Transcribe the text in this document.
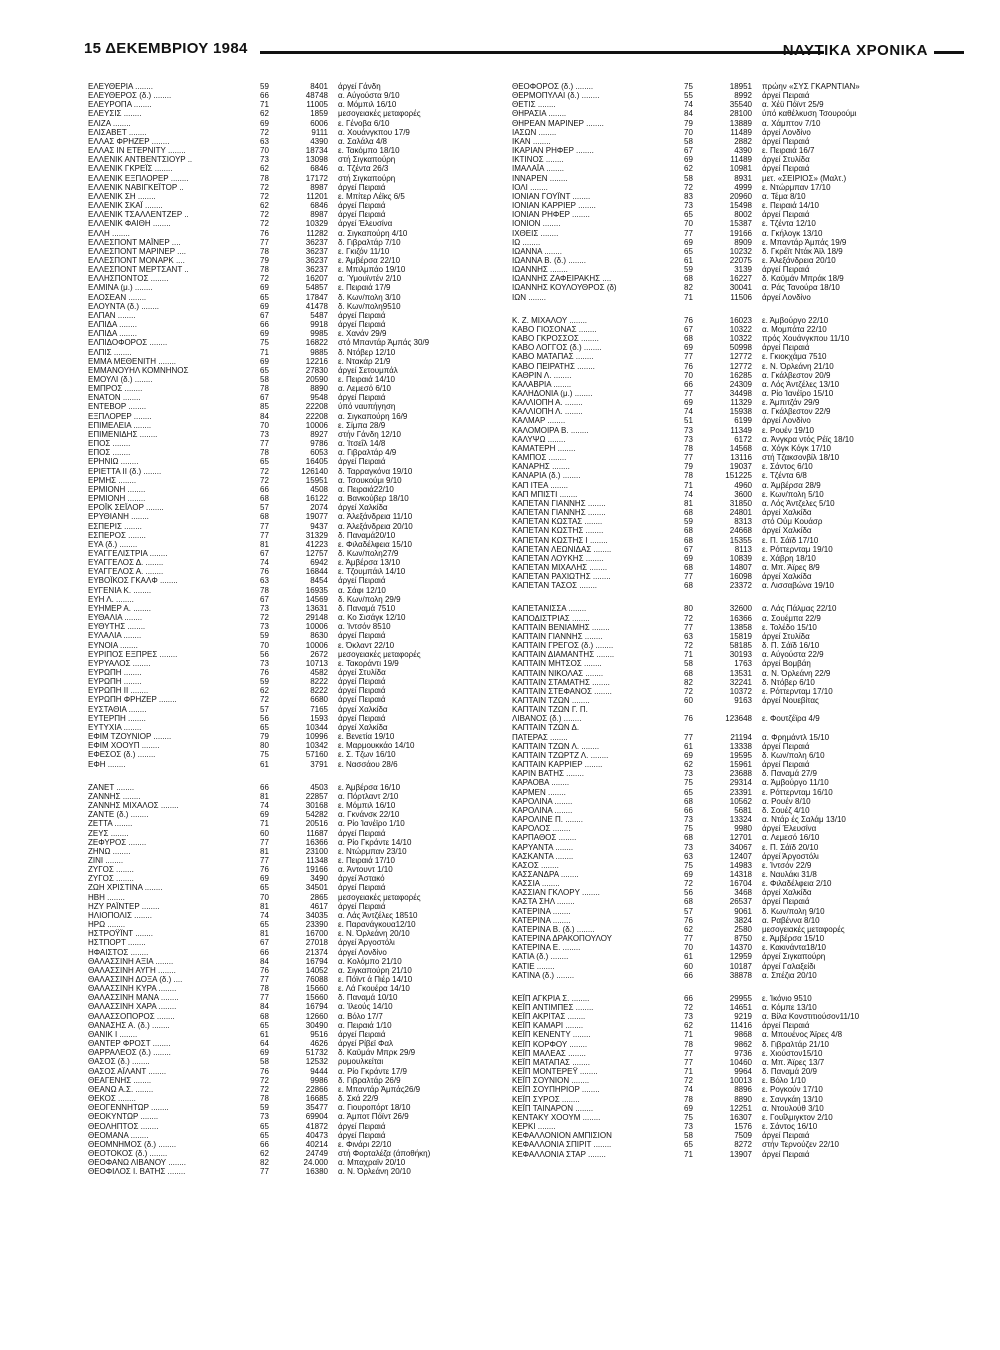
15 ΔΕΚΕΜΒΡΙΟΥ 1984	ΝΑΥΤΙΚΑ ΧΡΟΝΙΚΑ
ΕΛΕΥΘΕΡΙΑ ........	59	8401 άργεί Γάνδη
ΕΛΕΥΘΕΡΟΣ (δ.) ........	66	48748 α. Αύγούστα 9/10
ΕΛΕΥΡΟΠΑ ........	71	11005 α. Μόμπιλ 16/10
ΕΛΕΥΣΙΣ ........	62	1859 μεσογειακές μεταφορές
ΕΛΙΖΑ ........	69	6006 ε. Γένοβα 6/10
ΕΛΙΣΑΒΕΤ ........	72	9111 α. Χουάνγκπου 17/9
ΕΛΛΑΣ ΦΡΗΖΕΡ ........	63	4390 α. Σαλάλα 4/8
ΕΛΛΑΣ ΙΝ ΕΤΕΡΝΙΤΥ ........	70	18734 ε. Τακόμπο 18/10
ΕΛΛΕΝΙΚ ΑΝΤΒΕΝΤΣΙΟΥΡ ..	73	13098 στή Σιγκαπούρη
ΕΛΛΕΝΙΚ ΓΚΡΕΪΣ ........	62	6846 α. Τζέντα 26/3
ΕΛΛΕΝΙΚ ΕΞΠΛΟΡΕΡ ........	78	17172 στή Σιγκαπούρη
ΕΛΛΕΝΙΚ ΝΑΒΙΓΚΕΪΤΟΡ ..	72	8987 άργεί Πειραιά
ΕΛΛΕΝΙΚ ΣΗ ........	72	11201 ε. Μπίτερ Λέϊκς 6/5
ΕΛΛΕΝΙΚ ΣΚΑΪ ........	62	6846 άργεί Πειραιά
ΕΛΛΕΝΙΚ ΤΣΑΛΛΕΝΤΖΕΡ ..	72	8987 άργεί Πειραιά
ΕΛΛΕΝΙΚ ΦΑΙΘΗ ........	72	10329 άργεί Έλευσίνα
ΕΛΛΗ ........	76	11282 α. Σιγκαπούρη 4/10
ΕΛΛΕΣΠΟΝΤ ΜΑΪΝΕΡ ....	77	36237 δ. Γιβραλτάρ 7/10
ΕΛΛΕΣΠΟΝΤ ΜΑΡΙΝΕΡ ....	78	36237 ε. Γκιζόν 11/10
ΕΛΛΕΣΠΟΝΤ ΜΟΝΑΡΚ ....	79	36237 ε. Άμβέρσα 22/10
ΕΛΛΕΣΠΟΝΤ ΜΕΡΤΣΑΝΤ ..	78	36237 ε. Μπιλμπάο 19/10
ΕΛΛΗΣΠΟΝΤΟΣ ........	72	16207 α. Ύμουϊντέν 2/10
ΕΛΜΙΝΑ (μ.) ........	69	54857 ε. Πειραιά 17/9
ΕΛΟΣΕΑΝ ........	65	17847 δ. Κων/πολη 3/10
ΕΛΟΥΝΤΑ (δ.) ........	69	41478 δ. Κων/πολη9510
ΕΛΠΑΝ ........	67	5487 άργεί Πειραιά
ΕΛΠΙΔΑ ........	66	9918 άργεί Πειραιά
ΕΛΠΙΔΑ ........	69	9985 ε. Χανάν 29/9
ΕΛΠΙΔΟΦΟΡΟΣ ........	75	16822 στό Μπαντάρ Άμπάς 30/9
ΕΛΠΙΣ ........	71	9885 δ. Ντόβερ 12/10
ΕΜΜΑ ΜΕΘΕΝΙΤΗ ........	69	12216 ε. Ντακάρ 21/9
ΕΜΜΑΝΟΥΗΛ ΚΟΜΝΗΝΟΣ	65	27830 άργεί Σετουμπάλ
ΕΜΟΥΛΙ (δ.) ........	58	20590 ε. Πειραιά 14/10
ΕΜΠΡΟΣ ........	78	8890 α. Λεμεσό 6/10
ΕΝΑΤΟΝ ........	67	9548 άργεί Πειραιά
ΕΝΤΕΒΟΡ ........	85	22208 ύπό ναυπήγηση
ΕΞΠΛΟΡΕΡ ........	84	22208 α. Σιγκαπούρη 16/9
ΕΠΙΜΕΛΕΙΑ ........	70	10006 ε. Σίμπα 28/9
ΕΠΙΜΕΝΙΔΗΣ ........	73	8927 στήν Γάνδη 12/10
ΕΠΟΣ ........	77	9786 α. Ίτσεΐλ 14/8
ΕΠΟΣ ........	78	6053 α. Γιβραλτάρ 4/9
ΕΡΗΝΙΩ ........	65	16405 άργεί Πειραιά
ΕΡΙΕΤΤΑ ΙΙ (δ.) ........	72	126140 δ. Ταρραγκόνα 19/10
ΕΡΜΗΣ ........	72	15951 α. Τσουκούμι 9/10
ΕΡΜΙΟΝΗ ........	66	4508 α. Πειραιά22/10
ΕΡΜΙΟΝΗ ........	68	16122 α. Βανκούβερ 18/10
ΕΡΟΪΚ ΣΕΪΛΟΡ ........	57	2074 άργεί Χαλκίδα
ΕΡΥΘΙΑΝΗ ........	68	19077 α. Άλεξάνδρεια 11/10
ΕΣΠΕΡΙΣ ........	77	9437 α. Άλεξάνδρεια 20/10
ΕΣΠΕΡΟΣ ........	77	31329 δ. Παναμά20/10
ΕΥΑ (δ.) ........	81	41223 ε. Φιλαδέλφεια 15/10
ΕΥΑΓΓΕΛΙΣΤΡΙΑ ........	67	12757 δ. Κων/πολη27/9
ΕΥΑΓΓΕΛΟΣ Δ. ........	74	6942 ε. Άμβέρσα 13/10
ΕΥΑΓΓΕΛΟΣ Α. ........	76	16844 ε. Τζουμπάιλ 14/10
ΕΥΒΟΪΚΟΣ ΓΚΑΛΦ ........	63	8454 άργεί Πειραιά
ΕΥΓΕΝΙΑ Κ. ........	78	16935 α. Σάφι 12/10
ΕΥΗ Λ. ........	67	14569 δ. Κων/πολη 29/9
ΕΥΗΜΕΡ Α. ........	73	13631 δ. Παναμά 7510
ΕΥΘΑΛΙΑ ........	72	29148 α. Κο Σισάγκ 12/10
ΕΥΘΥΤΗΣ ........	73	10006 α. Ίντσόν 8510
ΕΥΛΑΛΙΑ ........	59	8630 άργεί Πειραιά
ΕΥΝΟΙΑ ........	70	10006 ε. Όκλαντ 22/10
ΕΥΡΙΠΟΣ ΕΞΠΡΕΣ ........	56	2672 μεσογειακές μεταφορές
ΕΥΡΥΑΛΟΣ ........	73	10713 ε. Τακοράντι 19/9
ΕΥΡΩΠΗ ........	76	4582 άργεί Στυλίδα
ΕΥΡΩΠΗ ........	59	8222 άργεί Πειραιά
ΕΥΡΩΠΗ ΙΙ ........	62	8222 άργεί Πειραιά
ΕΥΡΩΠΗ ΦΡΗΖΕΡ ........	72	6680 άργεί Πειραιά
ΕΥΣΤΑΘΙΑ ........	57	7165 άργεί Χαλκίδα
ΕΥΤΕΡΠΗ ........	56	1593 άργεί Πειραιά
ΕΥΤΥΧΙΑ ........	65	10344 άργεί Χαλκίδα
ΕΦΙΜ ΤΖΟΥΝΙΟΡ ........	79	10996 ε. Βενετία 19/10
ΕΦΙΜ ΧΟΟΥΠ ........	80	10342 ε. Μαρμουκκάο 14/10
ΕΦΕΣΟΣ (δ.) ........	75	57160 ε. Σ. Τζων 16/10
ΕΦΗ ........	61	3791 ε. Νασσάου 28/6
ΖΑΝΕΤ ........	66	4503 ε. Άμβέρσα 16/10
ΖΑΝΝΗΣ ........	81	22857 α. Πόρτλαντ 2/10
ΖΑΝΝΗΣ ΜΙΧΑΛΟΣ ........	74	30168 ε. Μόμπιλ 16/10
ΖΑΝΤΕ (δ.) ........	69	54282 α. Γκνάνσκ 22/10
ΖΕΤΤΑ ........	71	20516 α. Ρίο Ίανέϊρο 1/10
ΖΕΥΣ ........	60	11687 άργεί Πειραιά
ΖΕΦΥΡΟΣ ........	77	16366 α. Ρίο Γκράντε 14/10
ΖΗΝΩ ........	81	23100 ε. Ντώρμπαν 23/10
ΖΙΝΙ ........	77	11348 ε. Πειραιά 17/10
ΖΥΓΟΣ ........	76	19166 α. Άντουντ 1/10
ΖΥΓΟΣ ........	69	3490 άργεί Άστακό
ΖΩΗ ΧΡΙΣΤΙΝΑ ........	65	34501 άργεί Πειραιά
ΗΒΗ ........	70	2865 μεσογειακές μεταφορές
ΗΖΥ ΡΑΪΝΤΕΡ ........	81	4617 άργεί Πειραιά
ΗΛΙΟΠΟΛΙΣ ........	74	34035 α. Λάς Άντζέλες 18510
ΗΡΩ ........	65	23390 ε. Παρανάγκουα12/10
ΗΣΤΡΟΫΪΝΤ ........	81	16700 ε. Ν. Όρλεάνη 20/10
ΗΣΤΠΟΡΤ ........	67	27018 άργεί Άργοστόλι
ΗΦΑΙΣΤΟΣ ........	66	21374 άργεί Λονδίνο
ΘΑΛΑΣΣΙΝΗ ΑΞΙΑ ........	84	16794 α. Κολόμπο 21/10
ΘΑΛΑΣΣΙΝΗ ΑΥΓΗ ........	76	14052 α. Σιγκαπούρη 21/10
ΘΑΛΑΣΣΙΝΗ ΔΟΞΑ (δ.) ....	77	76088 ε. Πόϊντ ά Πιέρ 14/10
ΘΑΛΑΣΣΙΝΗ ΚΥΡΑ ........	78	15660 ε. Λά Γκουέρα 14/10
ΘΑΛΑΣΣΙΝΗ ΜΑΝΑ ........	77	15660 δ. Παναμά 10/10
ΘΑΛΑΣΣΙΝΗ ΧΑΡΑ ........	84	16794 α. Ίλεούς 14/10
ΘΑΛΑΣΣΟΠΟΡΟΣ ........	68	12660 α. Βόλο 17/7
ΘΑΝΑΣΗΣ Α. (δ.) ........	65	30490 α. Πειραιά 1/10
ΘΑΝΙΚ Ι ........	61	9516 άργεί Πειραιά
ΘΑΝΤΕΡ ΦΡΟΣΤ ........	64	4626 άργεί Ρίβεϊ Φαλ
ΘΑΡΡΑΛΕΟΣ (δ.) ........	69	51732 δ. Καϋμάν Μπρκ 29/9
ΘΑΣΟΣ (δ.) ........	58	12532 ρυμουλκείται
ΘΑΣΟΣ ΑΪΛΑΝΤ ........	76	9444 α. Ρίο Γκράντε 17/9
ΘΕΑΓΕΝΗΣ ........	72	9986 δ. Γιβραλτάρ 26/9
ΘΕΑΝΩ Α.Σ. ........	72	22866 ε. Μπαντάρ Άμπάς26/9
ΘΕΚΟΣ ........	78	16685 δ. Σκά 22/9
ΘΕΟΓΕΝΝΗΤΩΡ ........	59	35477 α. Γιουροπόρτ 18/10
ΘΕΟΚΥΝΤΩΡ ........	73	69904 α. Άμποτ Πόϊντ 26/9
ΘΕΟΛΗΠΤΟΣ ........	65	41872 άργεί Πειραιά
ΘΕΟΜΑΝΑ ........	65	40473 άργεί Πειραιά
ΘΕΟΜΝΗΜΟΣ (δ.) ........	66	40214 ε. Φινάρι 22/10
ΘΕΟΤΟΚΟΣ (δ.) ........	62	24749 στή Φορταλέζα (άποθήκη)
ΘΕΟΦΑΝΩ ΛΙΒΑΝΟΥ ........	82	24.000 α. Μπαχραϊν 20/10
ΘΕΟΦΙΛΟΣ Ι. ΒΑΤΗΣ ........	77	16380 α. Ν. Όρλεάνη 20/10
ΘΕΟΦΟΡΟΣ (δ.) ........	75	18951 πρώην «ΣΥΣ ΓΚΑΡΝΤΙΑΝ»
ΘΕΡΜΟΠΥΛΑΙ (δ.) ........	55	8992 άργεί Πειραιά
ΘΕΤΙΣ ........	74	35540 α. Χέϋ Πόϊντ 25/9
ΘΗΡΑΣΙΑ ........	84	28100 ύπό καθέλκυση Τσουρούμι
ΘΗΡΕΑΝ ΜΑΡΙΝΕΡ ........	79	13889 α. Χάμπτον 7/10
ΙΑΣΩΝ ........	70	11489 άργεί Λονδίνο
ΙΚΑΝ ........	58	2882 άργεί Πειραιά
ΙΚΑΡΙΑΝ ΡΗΦΕΡ ........	67	4390 ε. Πειραιά 16/7
ΙΚΤΙΝΟΣ ........	69	11489 άργεί Στυλίδα
ΙΜΑΛΑΪΑ ........	62	10981 άργεί Πειραιά
ΙΝΝΑΡΕΝ ........	58	8931 μετ. «ΣΕΙΡΙΟΣ» (Μαλτ.)
ΙΟΛΙ ........	72	4999 ε. Ντώρμπαν 17/10
ΙΟΝΙΑΝ ΓΟΥΪΝΤ ........	83	20960 α. Τέμα 8/10
ΙΟΝΙΑΝ ΚΑΡΡΙΕΡ ........	73	15498 ε. Πειραιά 14/10
ΙΟΝΙΑΝ ΡΗΦΕΡ ........	65	8002 άργεί Πειραιά
ΙΟΝΙΟΝ ........	70	15387 ε. Τζέντα 12/10
ΙΧΘΕΙΣ ........	77	19166 α. Γκήλογκ 13/10
ΙΩ ........	69	8909 ε. Μπαντάρ Άμπάς 19/9
ΙΩΑΝΝΑ ........	65	10232 δ. Γκρέϊτ Ντάκ Άϊλ 18/9
ΙΩΑΝΝΑ Β. (δ.) ........	61	22075 ε. Άλεξάνδρεια 20/10
ΙΩΑΝΝΗΣ ........	59	3139 άργεί Πειραιά
ΙΩΑΝΝΗΣ ΖΑΦΕΙΡΑΚΗΣ ....	68	16227 δ. Καϋμάν Μπράκ 18/9
ΙΩΑΝΝΗΣ ΚΟΥΛΟΥΘΡΟΣ (δ)	82	30041 α. Ράς Τανούρα 18/10
ΙΩΝ ........	71	11506 άργεί Λονδίνο
Κ. Ζ. ΜΙΧΑΛΟΥ ........	76	16023 ε. Άμβούργο 22/10
ΚΑΒΟ ΓΙΟΣΟΝΑΣ ........	67	10322 α. Μομπάτα 22/10
ΚΑΒΟ ΓΚΡΟΣΣΟΣ ........	68	10322 πρός Χουάνγκπου 11/10
ΚΑΒΟ ΛΟΓΓΟΣ (δ.) ........	69	50998 άργεί Πειραιά
ΚΑΒΟ ΜΑΤΑΠΑΣ ........	77	12772 ε. Γκιοκχάμα 7510
ΚΑΒΟ ΠΕΙΡΑΤΗΣ ........	76	12772 ε. Ν. Όρλεάνη 21/10
ΚΑΘΡΙΝ Λ. ........	70	16285 α. Γκάλβεστον 20/9
ΚΑΛΑΒΡΙΑ ........	66	24309 α. Λός Άντζέλες 13/10
ΚΑΛΗΔΟΝΙΑ (μ.) ........	77	34498 α. Ρίο Ίανέϊρο 15/10
ΚΑΛΛΙΟΠΗ Α. ........	69	11329 ε. Άμπιτζάν 29/9
ΚΑΛΛΙΟΠΗ Λ. ........	74	15938 α. Γκάλβεστον 22/9
ΚΑΛΜΑΡ ........	51	6199 άργεί Λονδίνο
ΚΑΛΟΜΟΙΡΑ Β. ........	73	11349 ε. Ρουέν 19/10
ΚΑΛΥΨΩ ........	73	6172 α. Άνγκρα ντός Ρέϊς 18/10
ΚΑΜΑΤΕΡΗ ........	78	14568 α. Χόγκ Κόγκ 17/10
ΚΑΜΠΟΣ ........	77	13116 στή Τζακσονβίλ 18/10
ΚΑΝΑΡΗΣ ........	79	19037 ε. Σάντος 6/10
ΚΑΝΑΡΙΑ (δ.) ........	78	151225 ε. Τζέντα 6/8
ΚΑΠ ΙΤΕΑ ........	71	4960 α. Άμβέρσα 28/9
ΚΑΠ ΜΠΙΣΤΙ ........	74	3600 ε. Κων/πολη 5/10
ΚΑΠΕΤΑΝ ΓΙΑΝΝΗΣ ........	81	31850 α. Λός Άντζελες 5/10
ΚΑΠΕΤΑΝ ΓΙΑΝΝΗΣ ........	68	24801 άργεί Χαλκίδα
ΚΑΠΕΤΑΝ ΚΩΣΤΑΣ ........	59	8313 στό Ούμ Κουάσρ
ΚΑΠΕΤΑΝ ΚΩΣΤΗΣ ........	68	24668 άργεί Χαλκίδα
ΚΑΠΕΤΑΝ ΚΩΣΤΗΣ Ι ........	68	15355 ε. Π. Σάϊδ 17/10
ΚΑΠΕΤΑΝ ΛΕΩΝΙΔΑΣ ........	67	8113 ε. Ρόττερνταμ 19/10
ΚΑΠΕΤΑΝ ΛΟΥΚΗΣ ........	69	10839 ε. Χάβρη 18/10
ΚΑΠΕΤΑΝ ΜΙΧΑΛΗΣ ........	68	14807 α. Μπ. Άϊρες 8/9
ΚΑΠΕΤΑΝ ΡΑΧΙΩΤΗΣ ........	77	16098 άργεί Χαλκίδα
ΚΑΠΕΤΑΝ ΤΑΣΟΣ ........	68	23372 α. Λισσαβώνα 19/10
ΚΑΠΕΤΑΝΙΣΣΑ ........	80	32600 α. Λάς Πάλμας 22/10
ΚΑΠΟΔΙΣΤΡΙΑΣ ........	72	16366 α. Σουέμπα 22/9
ΚΑΠΤΑΙΝ ΒΕΝΙΑΜΗΣ ........	77	13858 ε. Τολέδο 15/10
ΚΑΠΤΑΙΝ ΓΙΑΝΝΗΣ ........	63	15819 άργεί Στυλίδα
ΚΑΠΤΑΙΝ ΓΡΕΓΟΣ (δ.) ........	72	58185 δ. Π. Σάϊδ 16/10
ΚΑΠΤΑΙΝ ΔΙΑΜΑΝΤΗΣ ........	71	30193 α. Αύγούστα 22/9
ΚΑΠΤΑΙΝ ΜΗΤΣΟΣ ........	58	1763 άργεί Βομβάη
ΚΑΠΤΑΙΝ ΝΙΚΟΛΑΣ ........	68	13531 α. Ν. Όρλεάνη 22/9
ΚΑΠΤΑΙΝ ΣΤΑΜΑΤΗΣ ........	82	32241 δ. Ντόβερ 6/10
ΚΑΠΤΑΙΝ ΣΤΕΦΑΝΟΣ ........	72	10372 ε. Ρόττερνταμ 17/10
ΚΑΠΤΑΙΝ ΤΖΩΝ ........	60	9163 άργεί Νουεβίτας
ΚΑΠΤΑΙΝ ΤΖΩΝ Γ. Π.
ΛΙΒΑΝΟΣ (δ.) ........	76	123648 ε. Φουτζέϊρα 4/9
ΚΑΠΤΑΙΝ ΤΖΩΝ Δ.
ΠΑΤΕΡΑΣ ........	77	21194 α. Φρημάντλ 15/10
ΚΑΠΤΑΙΝ ΤΖΩΝ Λ. ........	61	13338 άργεί Πειραιά
ΚΑΠΤΑΙΝ ΤΖΩΡΤΖ Λ. ........	69	19595 δ. Κων/πολη 6/10
ΚΑΠΤΑΙΝ ΚΑΡΡΙΕΡ ........	62	15961 άργεί Πειραιά
ΚΑΡΙΝ ΒΑΤΗΣ ........	73	23688 δ. Παναμά 27/9
ΚΑΡΑΟΒΑ ........	75	29314 α. Άμβούργο 11/10
ΚΑΡΜΕΝ ........	65	23391 ε. Ρόττερνταμ 16/10
ΚΑΡΟΛΙΝΑ ........	68	10562 α. Ρουέν 8/10
ΚΑΡΟΛΙΝΑ ........	66	5681 δ. Σουέζ 4/10
ΚΑΡΟΛΙΝΕ Π. ........	73	13324 α. Ντάρ ές Σαλάμ 13/10
ΚΑΡΟΛΟΣ ........	75	9980 άργεί Έλευσίνα
ΚΑΡΠΑΘΟΣ ........	68	12701 α. Λεμεσό 16/10
ΚΑΡΥΑΝΤΑ ........	73	34067 ε. Π. Σάϊδ 20/10
ΚΑΣΚΑΝΤΑ ........	63	12407 άργεί Άργοστόλι
ΚΑΣΟΣ ........	75	14983 ε. Ίντσόν 22/9
ΚΑΣΣΑΝΔΡΑ ........	69	14318 ε. Ναυλάκι 31/8
ΚΑΣΣΙΑ ........	72	16704 ε. Φιλαδέλφεια 2/10
ΚΑΣΣΙΑΝ ΓΚΛΟΡΥ ........	56	3468 άργεί Χαλκίδα
ΚΑΣΤΑ ΣΗΛ ........	68	26537 άργεί Πειραιά
ΚΑΤΕΡΙΝΑ ........	57	9061 δ. Κων/πολη 9/10
ΚΑΤΕΡΙΝΑ ........	76	3824 α. Ραβέννα 8/10
ΚΑΤΕΡΙΝΑ Β. (δ.) ........	62	2580 μεσογειακές μεταφορές
ΚΑΤΕΡΙΝΑ ΔΡΑΚΟΠΟΥΛΟΥ	77	8750 ε. Άμβέρσα 15/10
ΚΑΤΕΡΙΝΑ Ε. ........	70	14370 ε. Κακινάντα18/10
ΚΑΤΙΑ (δ.) ........	61	12959 άργεί Σιγκαπούρη
ΚΑΤΙΕ ........	60	10187 άργεί Γαλαξείδι
ΚΑΤΙΝΑ (δ.) ........	66	38878 α. Σπέζια 20/10
ΚΕΪΠ ΑΓΚΡΙΑ Σ. ........	66	29955 ε. Ίκόνιο 9510
ΚΕΪΠ ΑΝΤΙΜΠΕΣ ........	72	14651 α. Κόμπε 13/10
ΚΕΪΠ ΑΚΡΙΤΑΣ ........	73	9219 α. Βίλα Κονστιτιούσον11/10
ΚΕΪΠ ΚΑΜΑΡΙ ........	62	11416 άργεί Πειραιά
ΚΕΪΠ ΚΕΝΕΝΤΥ ........	71	9868 α. Μπουένος Άϊρες 4/8
ΚΕΪΠ ΚΟΡΦΟΥ ........	78	9862 δ. Γιβραλτάρ 21/10
ΚΕΪΠ ΜΑΛΕΑΣ ........	77	9736 ε. Χιούστον15/10
ΚΕΪΠ ΜΑΤΑΠΑΣ ........	77	10460 α. Μπ. Άϊρες 13/7
ΚΕΪΠ ΜΟΝΤΕΡΕΫ ........	71	9964 δ. Παναμά 20/9
ΚΕΪΠ ΣΟΥΝΙΟΝ ........	72	10013 ε. Βόλο 1/10
ΚΕΪΠ ΣΟΥΠΗΡΙΟΡ ........	74	8896 ε. Ρογκούν 17/10
ΚΕΪΠ ΣΥΡΟΣ ........	78	8890 ε. Σανγκάη 13/10
ΚΕΪΠ ΤΑΙΝΑΡΟΝ ........	69	12251 α. Ντουλούθ 3/10
ΚΕΝΤΑΚΥ ΧΟΟΥΜ ........	75	16307 ε. Γουΐλμιγκτον 2/10
ΚΕΡΚΙ ........	73	1576 ε. Σάντος 16/10
ΚΕΦΑΛΛΟΝΙΟΝ ΑΜΠΙΣΙΟΝ	58	7509 άργεί Πειραιά
ΚΕΦΑΛΛΟΝΙΑ ΣΠΙΡΙΤ ........	65	8272 στήν Τερνούζεν 22/10
ΚΕΦΑΛΛΟΝΙΑ ΣΤΑΡ ........	71	13907 άργεί Πειραιά
